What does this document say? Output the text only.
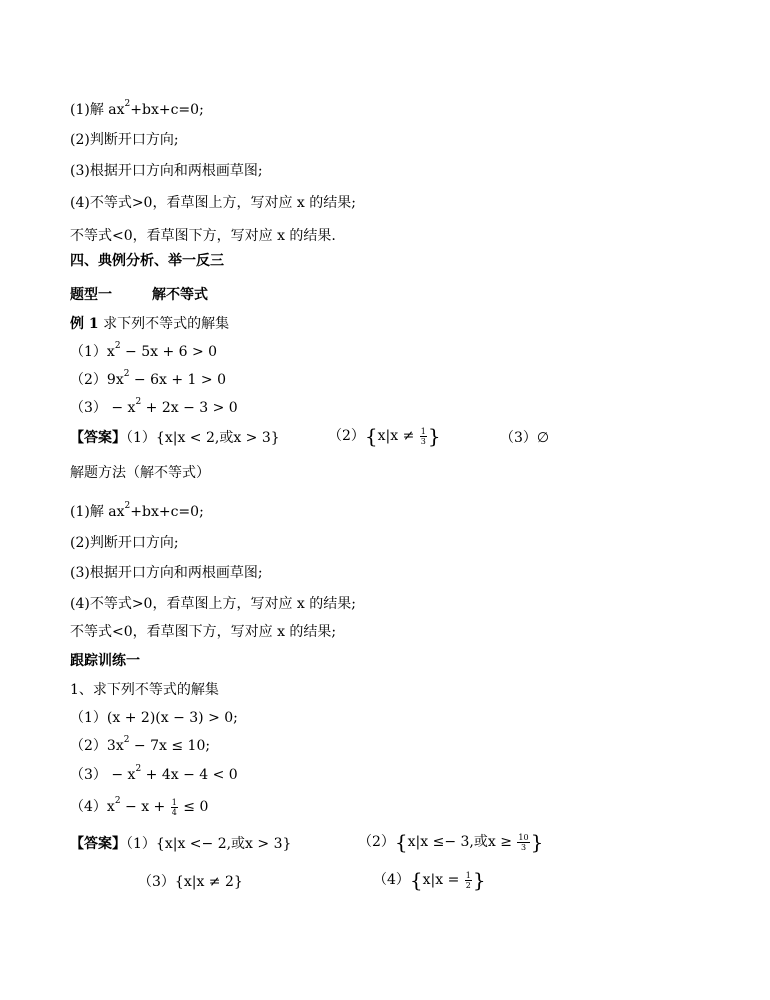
(1)解 $ax^2+bx+c=0$;
(2)判断开口方向;
(3)根据开口方向和两根画草图;
(4)不等式>0，看草图上方，写对应 x 的结果;
不等式<0，看草图下方，写对应 x 的结果.
四、典例分析、举一反三
题型一	解不等式
例 1 求下列不等式的解集
$(1)x^2 - 5x + 6 > 0$
$(2)9x^2 - 6x + 1 > 0$
$(3) - x^2 + 2x - 3 > 0$
【答案】（1）{x|x < 2,或x > 3}	$(2)\{x|x \ne \frac{1}{3}$ }	（3）∅
解题方法（解不等式）
(1)解 $ax^2+bx+c=0$;
(2)判断开口方向;
(3)根据开口方向和两根画草图;
(4)不等式>0，看草图上方，写对应 x 的结果;
不等式<0，看草图下方，写对应 x 的结果;
跟踪训练一
1、求下列不等式的解集
（1）(x + 2)(x − 3) > 0;
$(2)3x^2 - 7x \le 10$;
$(3) - x^2 + 4x - 4 < 0$
$(4)x^2 - x + \frac{1}{4} \le 0$
【答案】（1）{x|x <− 2,或x > 3}	（2）{x|x ≤− 3,或$x \ge \frac{10}{3}$ }
（3）{x|x ≠ 2}	$(4)\{x|x = \frac{1}{2}$ }
